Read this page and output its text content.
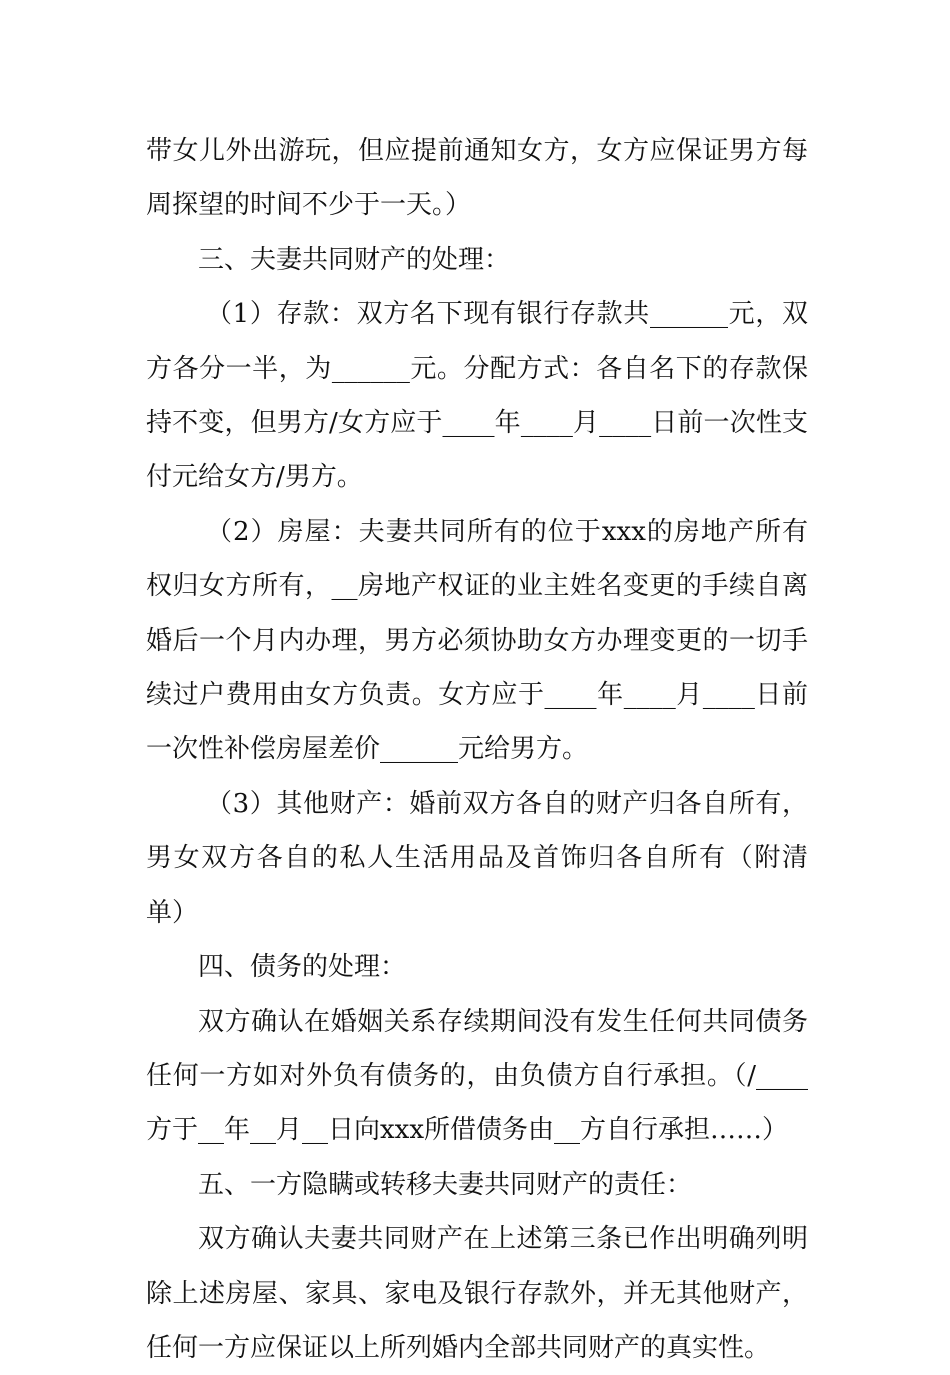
带女儿外出游玩，但应提前通知女方，女方应保证男方每周探望的时间不少于一天。）

三、夫妻共同财产的处理：

（1）存款：双方名下现有银行存款共______元，双方各分一半，为______元。分配方式：各自名下的存款保持不变，但男方/女方应于____年____月____日前一次性支付元给女方/男方。

（2）房屋：夫妻共同所有的位于xxx的房地产所有权归女方所有，__房地产权证的业主姓名变更的手续自离婚后一个月内办理，男方必须协助女方办理变更的一切手续过户费用由女方负责。女方应于____年____月____日前一次性补偿房屋差价______元给男方。

（3）其他财产：婚前双方各自的财产归各自所有，男女双方各自的私人生活用品及首饰归各自所有（附清单）

四、债务的处理：

双方确认在婚姻关系存续期间没有发生任何共同债务任何一方如对外负有债务的，由负债方自行承担。（/____方于__年__月__日向xxx所借债务由__方自行承担……）

五、一方隐瞒或转移夫妻共同财产的责任：

双方确认夫妻共同财产在上述第三条已作出明确列明除上述房屋、家具、家电及银行存款外，并无其他财产，任何一方应保证以上所列婚内全部共同财产的真实性。
